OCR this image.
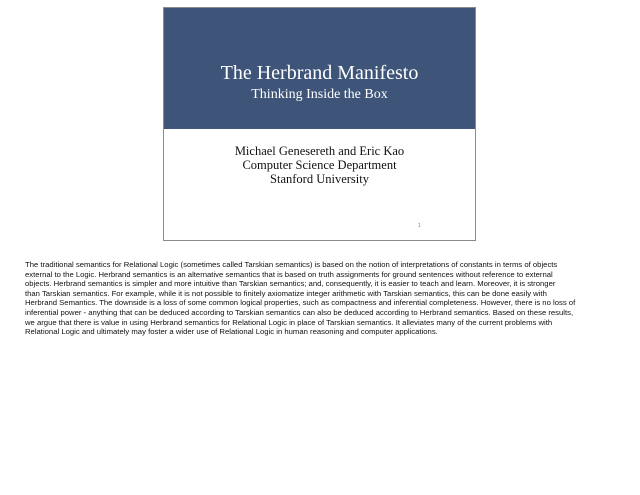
The Herbrand Manifesto
Thinking Inside the Box
Michael Genesereth and Eric Kao
Computer Science Department
Stanford University
1
The traditional semantics for Relational Logic (sometimes called Tarskian semantics) is based on the notion of interpretations of constants in terms of objects
external to the Logic. Herbrand semantics is an alternative semantics that is based on truth assignments for ground sentences without reference to external
objects. Herbrand semantics is simpler and more intuitive than Tarskian semantics; and, consequently, it is easier to teach and learn. Moreover, it is stronger
than Tarskian semantics. For example, while it is not possible to finitely axiomatize integer arithmetic with Tarskian semantics, this can be done easily with
Herbrand Semantics. The downside is a loss of some common logical properties, such as compactness and inferential completeness. However, there is no loss of
inferential power - anything that can be deduced according to Tarskian semantics can also be deduced according to Herbrand semantics. Based on these results,
we argue that there is value in using Herbrand semantics for Relational Logic in place of Tarskian semantics. It alleviates many of the current problems with
Relational Logic and ultimately may foster a wider use of Relational Logic in human reasoning and computer applications.
